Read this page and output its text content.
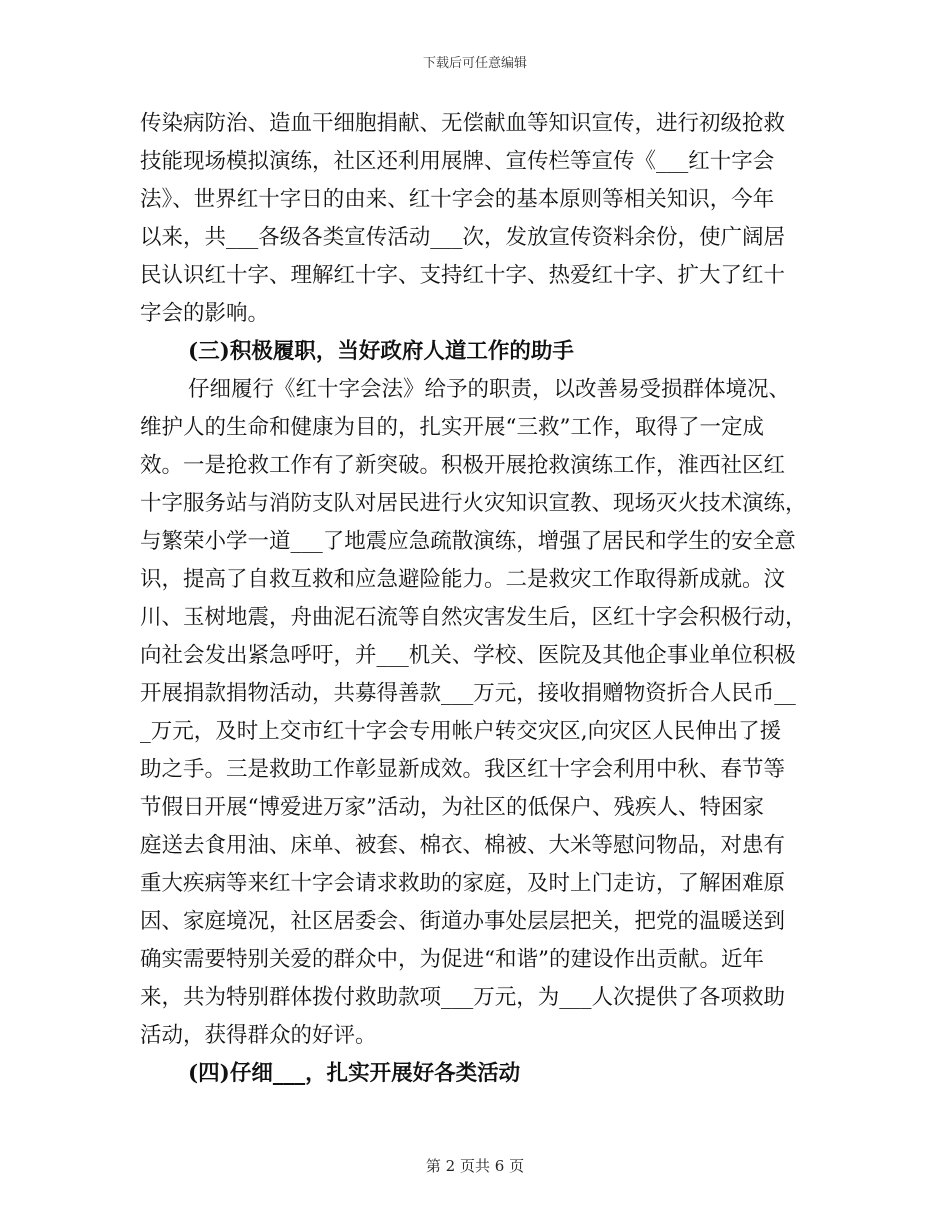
下载后可任意编辑
传染病防治、造血干细胞捐献、无偿献血等知识宣传，进行初级抢救
技能现场模拟演练，社区还利用展牌、宣传栏等宣传《___红十字会
法》、世界红十字日的由来、红十字会的基本原则等相关知识，今年
以来，共___各级各类宣传活动___次，发放宣传资料余份，使广阔居
民认识红十字、理解红十字、支持红十字、热爱红十字、扩大了红十
字会的影响。
(三)积极履职，当好政府人道工作的助手
仔细履行《红十字会法》给予的职责，以改善易受损群体境况、
维护人的生命和健康为目的，扎实开展“三救”工作，取得了一定成
效。一是抢救工作有了新突破。积极开展抢救演练工作，淮西社区红
十字服务站与消防支队对居民进行火灾知识宣教、现场灭火技术演练，
与繁荣小学一道___了地震应急疏散演练，增强了居民和学生的安全意
识，提高了自救互救和应急避险能力。二是救灾工作取得新成就。汶
川、玉树地震，舟曲泥石流等自然灾害发生后，区红十字会积极行动，
向社会发出紧急呼吁，并___机关、学校、医院及其他企事业单位积极
开展捐款捐物活动，共募得善款___万元，接收捐赠物资折合人民币__
_万元，及时上交市红十字会专用帐户转交灾区,向灾区人民伸出了援
助之手。三是救助工作彰显新成效。我区红十字会利用中秋、春节等
节假日开展“博爱进万家”活动，为社区的低保户、残疾人、特困家
庭送去食用油、床单、被套、棉衣、棉被、大米等慰问物品，对患有
重大疾病等来红十字会请求救助的家庭，及时上门走访，了解困难原
因、家庭境况，社区居委会、街道办事处层层把关，把党的温暖送到
确实需要特别关爱的群众中，为促进“和谐”的建设作出贡献。近年
来，共为特别群体拨付救助款项___万元，为___人次提供了各项救助
活动，获得群众的好评。
(四)仔细___，扎实开展好各类活动
第 2 页共 6 页
